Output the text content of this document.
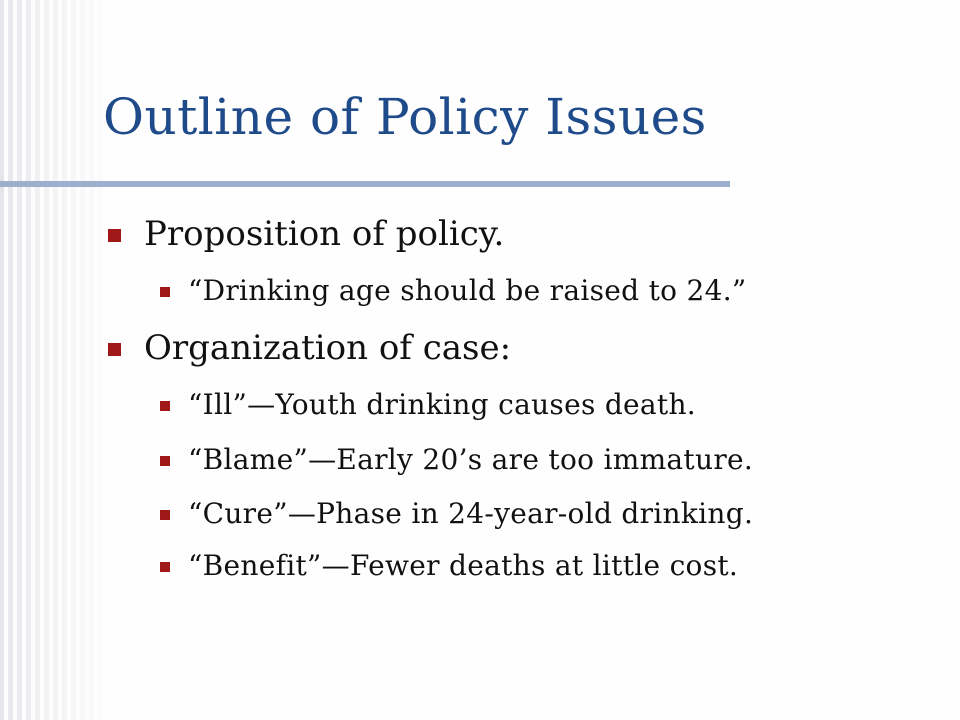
Outline of Policy Issues
Proposition of policy.
“Drinking age should be raised to 24.”
Organization of case:
“Ill”—Youth drinking causes death.
“Blame”—Early 20’s are too immature.
“Cure”—Phase in 24-year-old drinking.
“Benefit”—Fewer deaths at little cost.
